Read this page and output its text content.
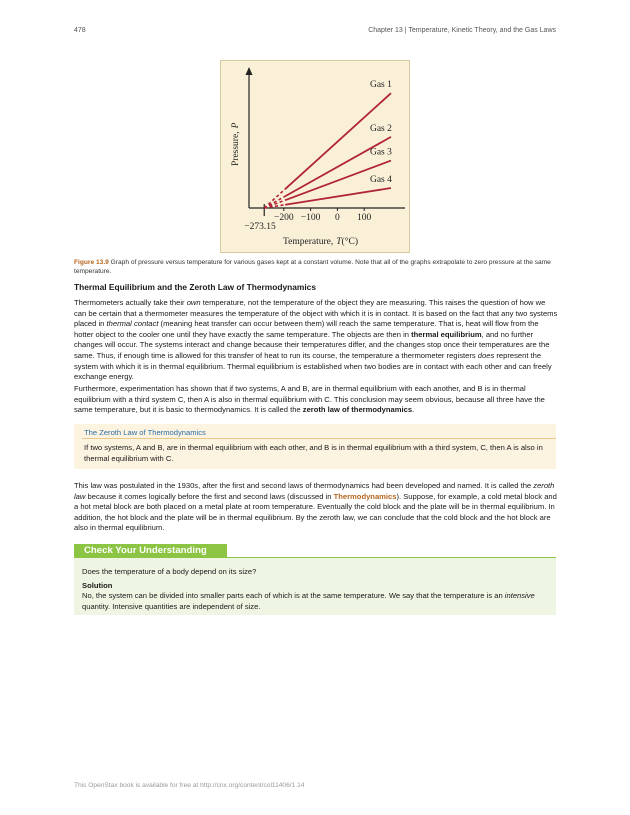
478	Chapter 13 | Temperature, Kinetic Theory, and the Gas Laws
−200 −100 0 100
−273.15
Gas 1
Gas 2
Gas 3
Gas 4
Pressure,P
Temperature, T(°C)
Figure 13.9 Graph of pressure versus temperature for various gases kept at a constant volume. Note that all of the graphs extrapolate to zero pressure at the same temperature.
Thermal Equilibrium and the Zeroth Law of Thermodynamics

Thermometers actually take their own temperature, not the temperature of the object they are measuring. This raises the question of how we can be certain that a thermometer measures the temperature of the object with which it is in contact. It is based on the fact that any two systems placed in thermal contact (meaning heat transfer can occur between them) will reach the same temperature. That is, heat will flow from the hotter object to the cooler one until they have exactly the same temperature. The objects are then in thermal equilibrium, and no further changes will occur. The systems interact and change because their temperatures differ, and the changes stop once their temperatures are the same. Thus, if enough time is allowed for this transfer of heat to run its course, the temperature a thermometer registers does represent the system with which it is in thermal equilibrium. Thermal equilibrium is established when two bodies are in contact with each other and can freely exchange energy.

Furthermore, experimentation has shown that if two systems, A and B, are in thermal equilibrium with each another, and B is in thermal equilibrium with a third system C, then A is also in thermal equilibrium with C. This conclusion may seem obvious, because all three have the same temperature, but it is basic to thermodynamics. It is called the zeroth law of thermodynamics.

The Zeroth Law of Thermodynamics
If two systems, A and B, are in thermal equilibrium with each other, and B is in thermal equilibrium with a third system, C, then A is also in thermal equilibrium with C.

This law was postulated in the 1930s, after the first and second laws of thermodynamics had been developed and named. It is called the zeroth law because it comes logically before the first and second laws (discussed in Thermodynamics). Suppose, for example, a cold metal block and a hot metal block are both placed on a metal plate at room temperature. Eventually the cold block and the plate will be in thermal equilibrium. In addition, the hot block and the plate will be in thermal equilibrium. By the zeroth law, we can conclude that the cold block and the hot block are also in thermal equilibrium.

Check Your Understanding
Does the temperature of a body depend on its size?
Solution
No, the system can be divided into smaller parts each of which is at the same temperature. We say that the temperature is an intensive quantity. Intensive quantities are independent of size.
This OpenStax book is available for free at http://cnx.org/content/col11406/1.14
